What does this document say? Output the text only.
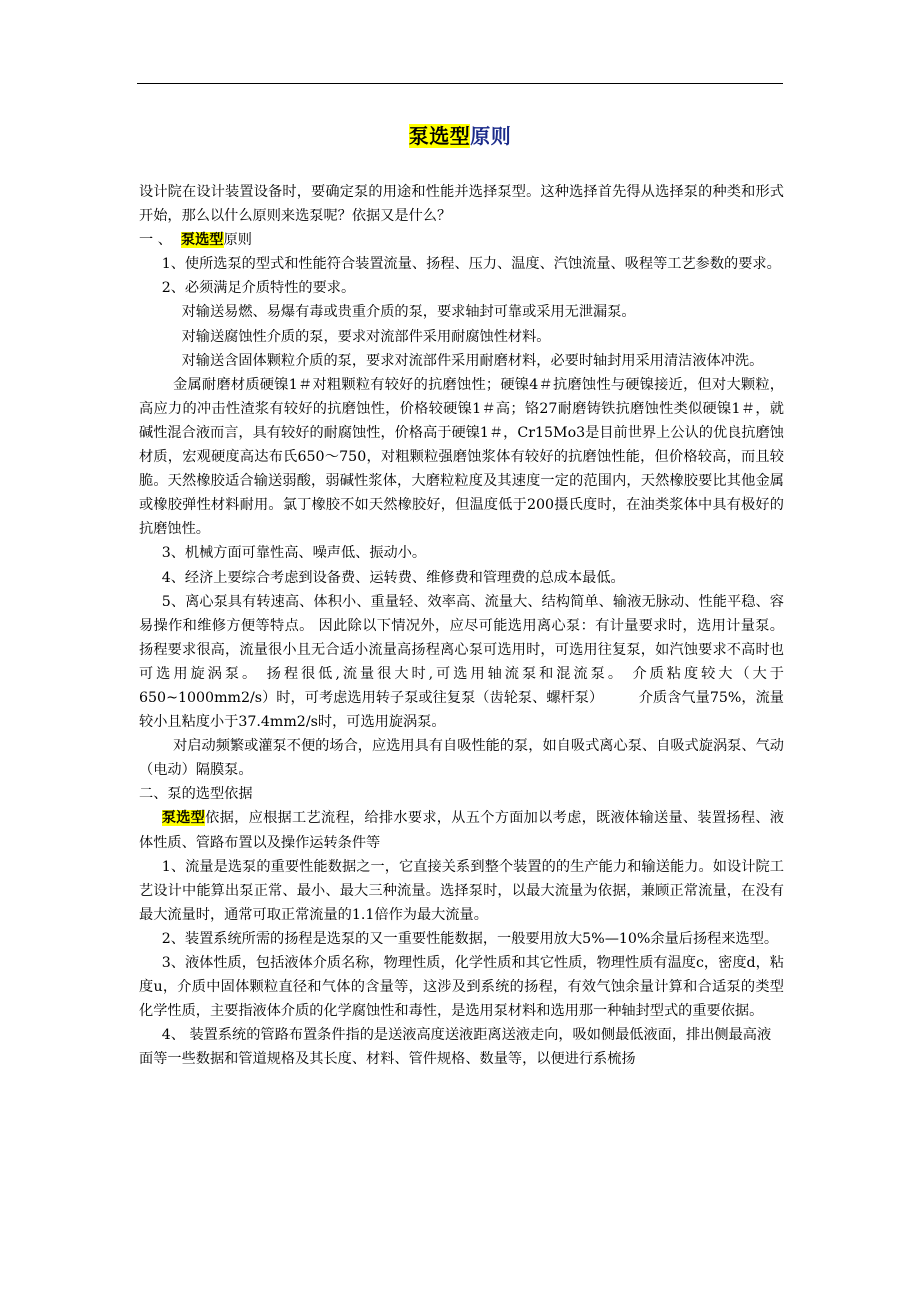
泵选型原则

设计院在设计装置设备时，要确定泵的用途和性能并选择泵型。这种选择首先得从选择泵的种类和形式开始，那么以什么原则来选泵呢？依据又是什么？

一 、  泵选型原则

1、使所选泵的型式和性能符合装置流量、扬程、压力、温度、汽蚀流量、吸程等工艺参数的要求。

2、必须满足介质特性的要求。

对输送易燃、易爆有毒或贵重介质的泵，要求轴封可靠或采用无泄漏泵。

对输送腐蚀性介质的泵，要求对流部件采用耐腐蚀性材料。

对输送含固体颗粒介质的泵，要求对流部件采用耐磨材料，必要时轴封用采用清洁液体冲洗。

金属耐磨材质硬镍1＃对粗颗粒有较好的抗磨蚀性；硬镍4＃抗磨蚀性与硬镍接近，但对大颗粒，高应力的冲击性渣浆有较好的抗磨蚀性，价格较硬镍1＃高；铬27耐磨铸铁抗磨蚀性类似硬镍1＃，就碱性混合液而言，具有较好的耐腐蚀性，价格高于硬镍1＃，Cr15Mo3是目前世界上公认的优良抗磨蚀材质，宏观硬度高达布氏650～750，对粗颗粒强磨蚀浆体有较好的抗磨蚀性能，但价格较高，而且较脆。天然橡胶适合输送弱酸，弱碱性浆体，大磨粒粒度及其速度一定的范围内，天然橡胶要比其他金属或橡胶弹性材料耐用。氯丁橡胶不如天然橡胶好，但温度低于200摄氏度时，在油类浆体中具有极好的抗磨蚀性。

3、机械方面可靠性高、噪声低、振动小。

4、经济上要综合考虑到设备费、运转费、维修费和管理费的总成本最低。

5、离心泵具有转速高、体积小、重量轻、效率高、流量大、结构简单、输液无脉动、性能平稳、容易操作和维修方便等特点。 因此除以下情况外，应尽可能选用离心泵：有计量要求时，选用计量泵。 扬程要求很高，流量很小且无合适小流量高扬程离心泵可选用时，可选用往复泵，如汽蚀要求不高时也可选用旋涡泵。 扬程很低,流量很大时,可选用轴流泵和混流泵。 介质粘度较大（大于650~1000mm2/s）时，可考虑选用转子泵或往复泵（齿轮泵、螺杆泵）　　　介质含气量75%，流量较小且粘度小于37.4mm2/s时，可选用旋涡泵。

对启动频繁或灌泵不便的场合，应选用具有自吸性能的泵，如自吸式离心泵、自吸式旋涡泵、气动（电动）隔膜泵。

二、泵的选型依据

泵选型依据，应根据工艺流程，给排水要求，从五个方面加以考虑，既液体输送量、装置扬程、液体性质、管路布置以及操作运转条件等

1、流量是选泵的重要性能数据之一，它直接关系到整个装置的的生产能力和输送能力。如设计院工艺设计中能算出泵正常、最小、最大三种流量。选择泵时，以最大流量为依据，兼顾正常流量，在没有最大流量时，通常可取正常流量的1.1倍作为最大流量。

2、装置系统所需的扬程是选泵的又一重要性能数据，一般要用放大5%—10%余量后扬程来选型。

3、液体性质，包括液体介质名称，物理性质，化学性质和其它性质，物理性质有温度c，密度d，粘度u，介质中固体颗粒直径和气体的含量等，这涉及到系统的扬程，有效气蚀余量计算和合适泵的类型 化学性质，主要指液体介质的化学腐蚀性和毒性，是选用泵材料和选用那一种轴封型式的重要依据。

4、 装置系统的管路布置条件指的是送液高度送液距离送液走向，吸如侧最低液面，排出侧最高液面等一些数据和管道规格及其长度、材料、管件规格、数量等，以便进行系梳扬
